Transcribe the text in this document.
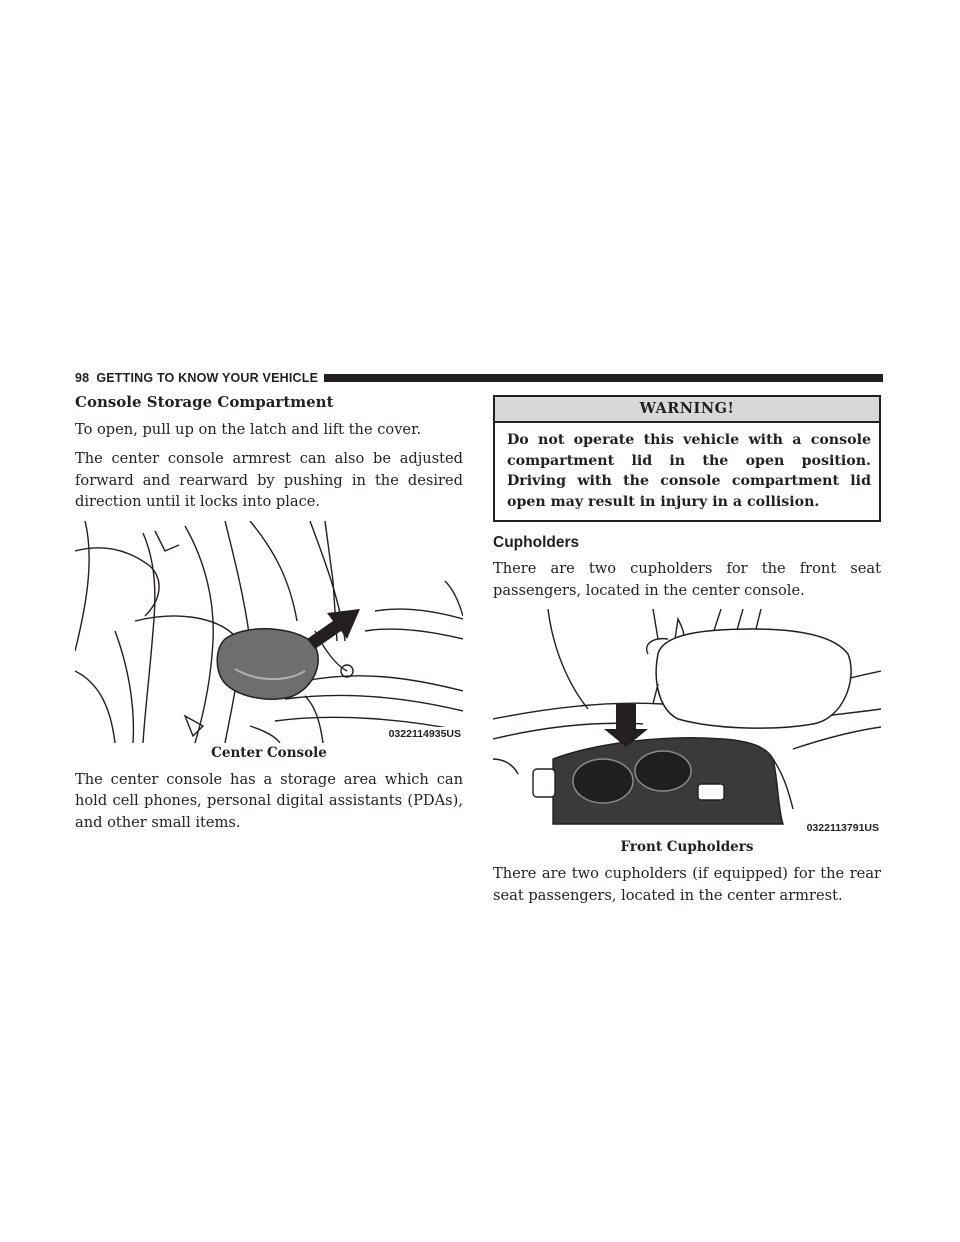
98 GETTING TO KNOW YOUR VEHICLE
Console Storage Compartment

To open, pull up on the latch and lift the cover.

The center console armrest can also be adjusted forward and rearward by pushing in the desired direction until it locks into place.

0322114935US
Center Console

The center console has a storage area which can hold cell phones, personal digital assistants (PDAs), and other small items.

WARNING!
Do not operate this vehicle with a console compartment lid in the open position. Driving with the console compartment lid open may result in injury in a collision.
Cupholders

There are two cupholders for the front seat passengers, located in the center console.

0322113791US
Front Cupholders

There are two cupholders (if equipped) for the rear seat passengers, located in the center armrest.
